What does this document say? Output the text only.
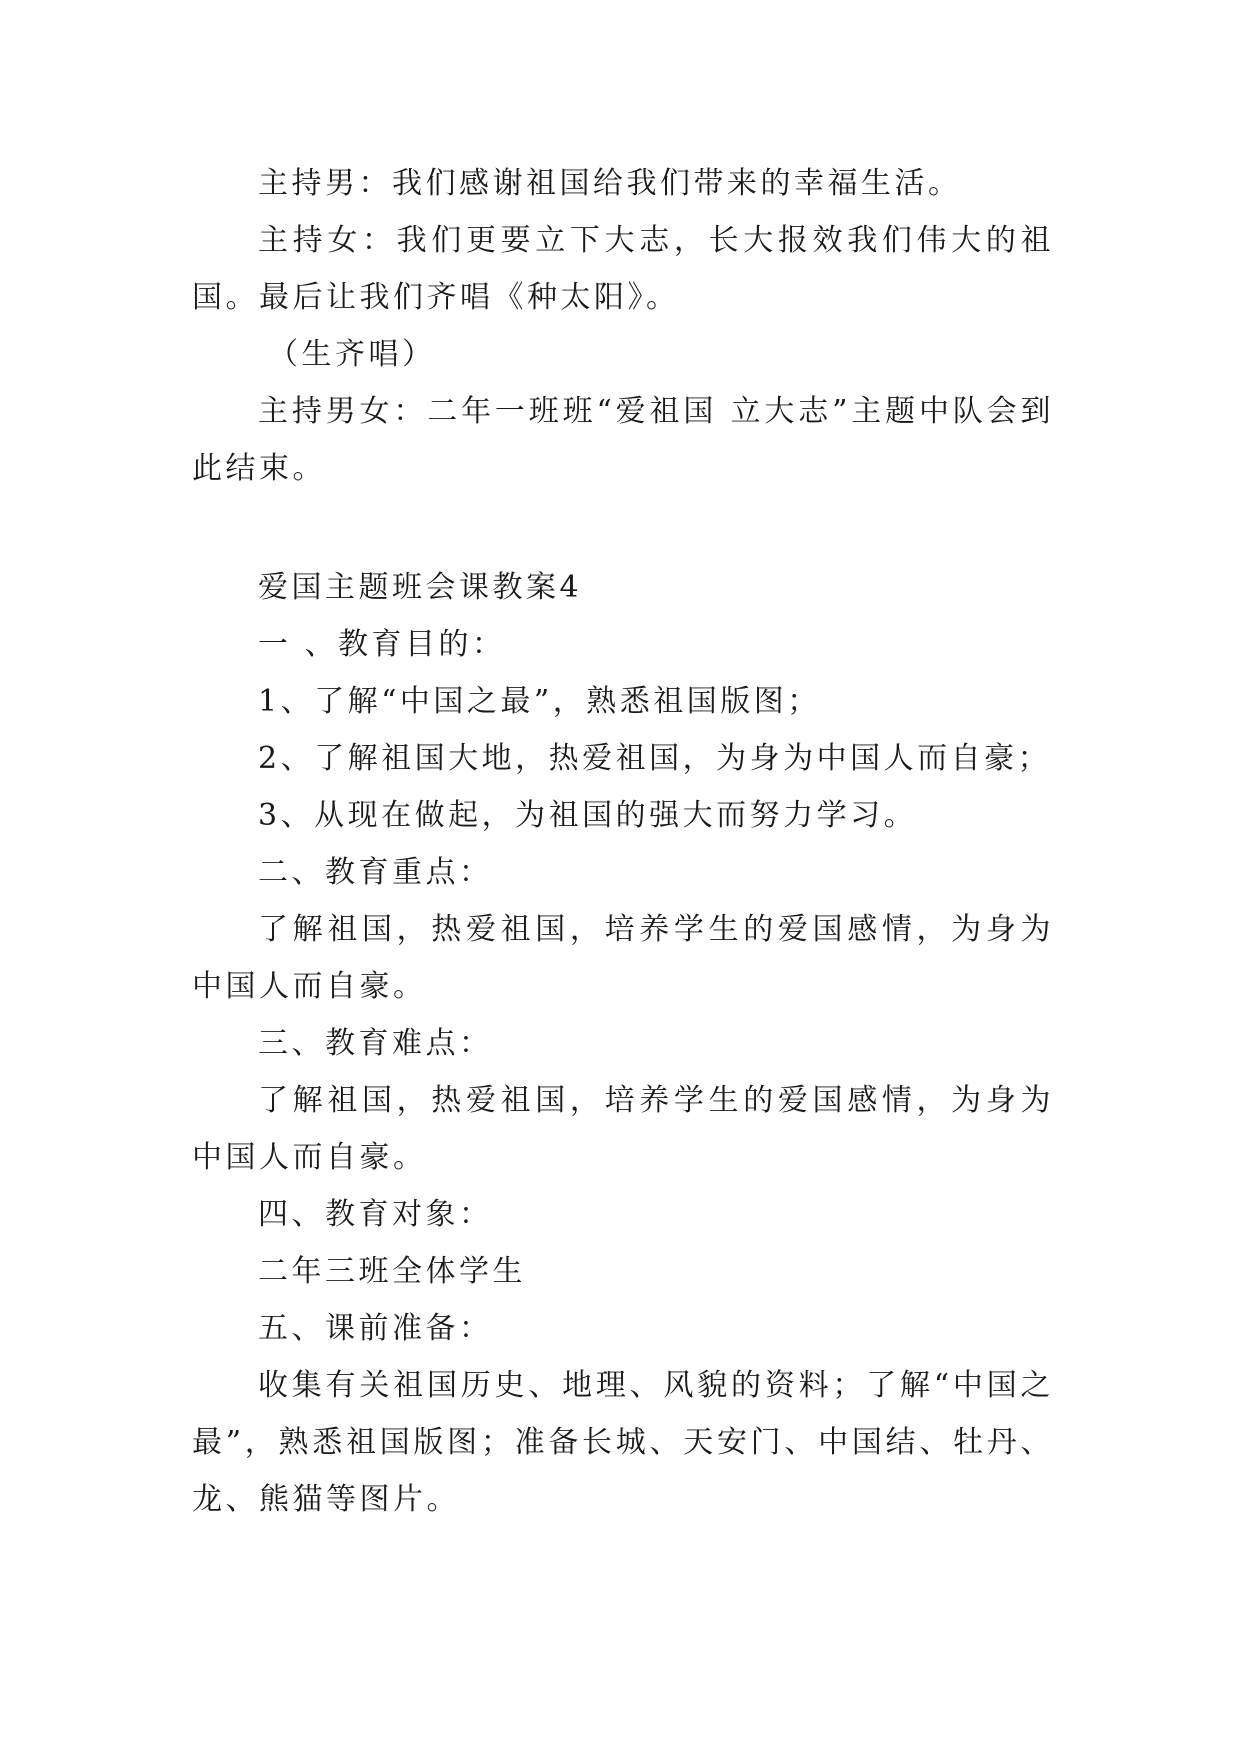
主持男：我们感谢祖国给我们带来的幸福生活。

主持女：我们更要立下大志，长大报效我们伟大的祖国。最后让我们齐唱《种太阳》。

（生齐唱）

主持男女：二年一班班“爱祖国 立大志”主题中队会到此结束。

爱国主题班会课教案4

一 、教育目的：

1、了解“中国之最”，熟悉祖国版图；

2、了解祖国大地，热爱祖国，为身为中国人而自豪；

3、从现在做起，为祖国的强大而努力学习。

二、教育重点：

了解祖国，热爱祖国，培养学生的爱国感情，为身为中国人而自豪。

三、教育难点：

了解祖国，热爱祖国，培养学生的爱国感情，为身为中国人而自豪。

四、教育对象：

二年三班全体学生

五、课前准备：

收集有关祖国历史、地理、风貌的资料；了解“中国之最”，熟悉祖国版图；准备长城、天安门、中国结、牡丹、龙、熊猫等图片。
